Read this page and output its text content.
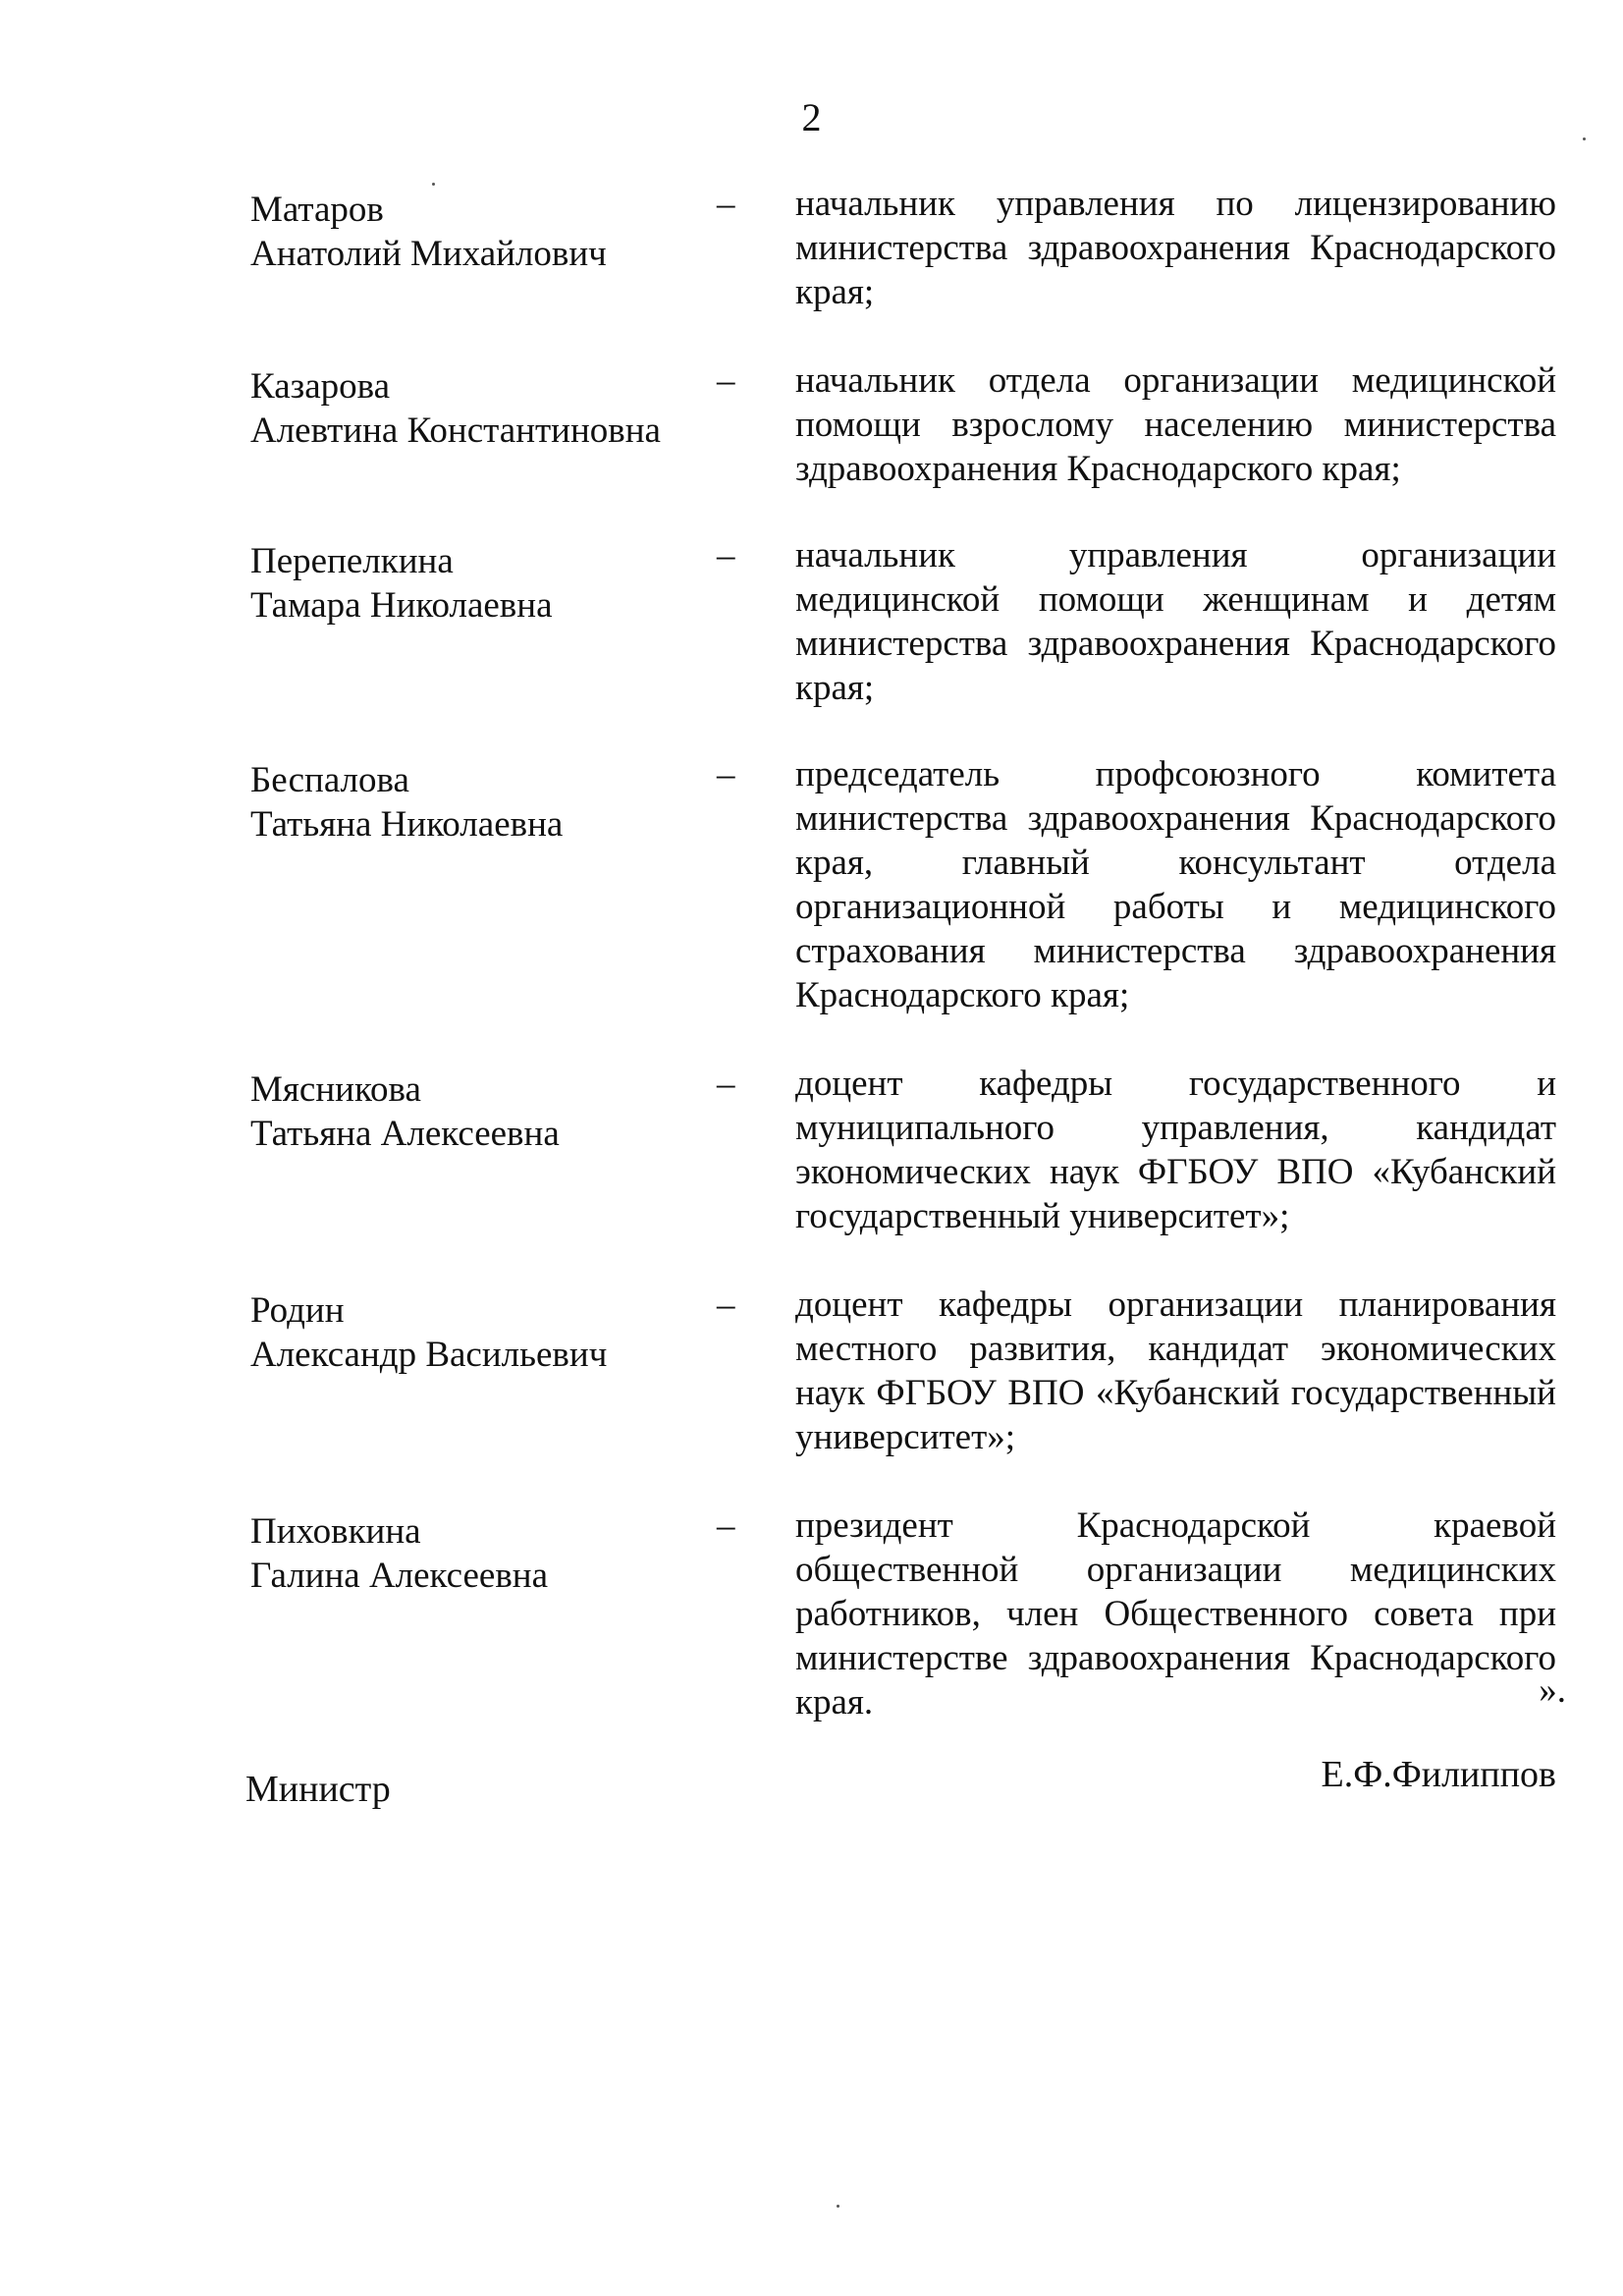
2
Матаров
Анатолий Михайлович
–	начальник управления по лицензированию министерства здравоохранения Краснодарского края;
Казарова
Алевтина Константиновна
–	начальник отдела организации медицинской помощи взрослому населению министерства здравоохранения Краснодарского края;
Перепелкина
Тамара Николаевна
–	начальник управления организации медицинской помощи женщинам и детям министерства здравоохранения Краснодарского края;
Беспалова
Татьяна Николаевна
–	председатель профсоюзного комитета министерства здравоохранения Краснодарского края, главный консультант отдела организационной работы и медицинского страхования министерства здравоохранения Краснодарского края;
Мясникова
Татьяна Алексеевна
–	доцент кафедры государственного и муниципального управления, кандидат экономических наук ФГБОУ ВПО «Кубанский государственный университет»;
Родин
Александр Васильевич
–	доцент кафедры организации планирования местного развития, кандидат экономических наук ФГБОУ ВПО «Кубанский государственный университет»;
Пиховкина
Галина Алексеевна
–	президент Краснодарской краевой общественной организации медицинских работников, член Общественного совета при министерстве здравоохранения Краснодарского края.	».
Министр	Е.Ф.Филиппов
